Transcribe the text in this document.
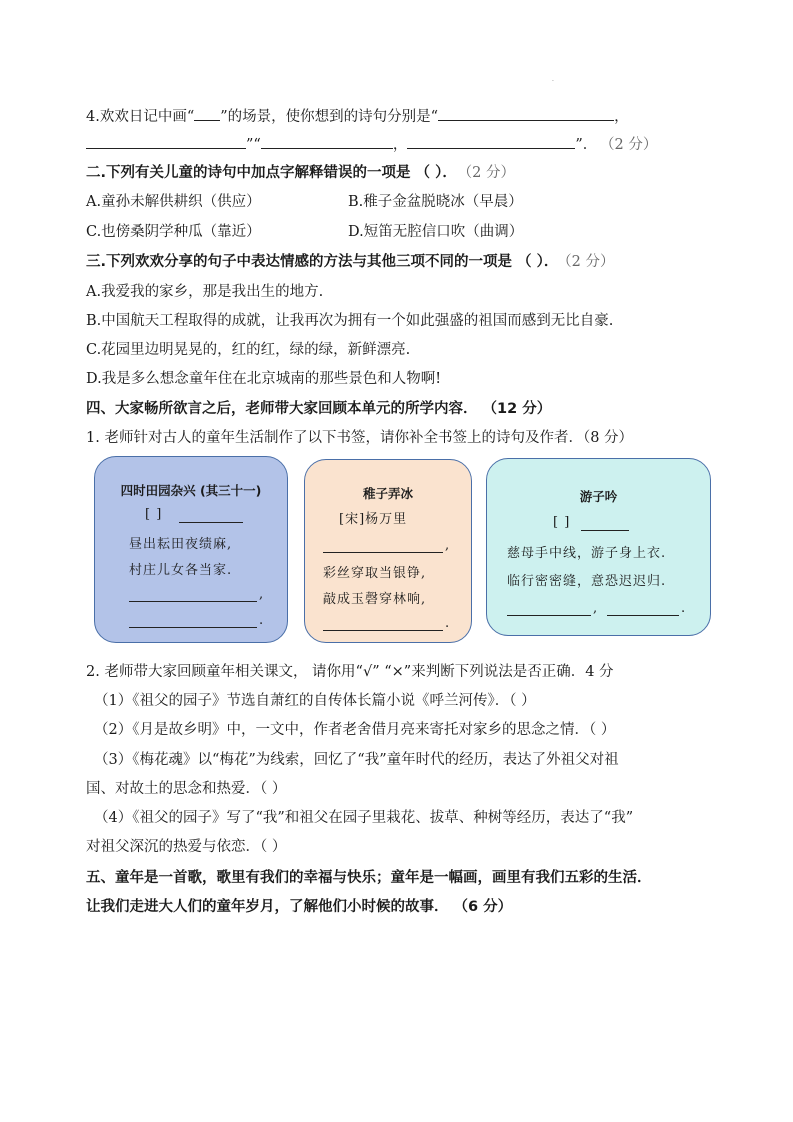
·
4.欢欢日记中画“ ”的场景，使你想到的诗句分别是“	，
”“	，	”． （2 分）
二.下列有关儿童的诗句中加点字解释错误的一项是 （ ）． （2 分）
A.童孙未解供耕织（供应）	B.稚子金盆脱晓冰（早晨）
C.也傍桑阴学种瓜（靠近）	D.短笛无腔信口吹（曲调）
三.下列欢欢分享的句子中表达情感的方法与其他三项不同的一项是 （ ）． （2 分）
A.我爱我的家乡，那是我出生的地方.
B.中国航天工程取得的成就，让我再次为拥有一个如此强盛的祖国而感到无比自豪.
C.花园里边明晃晃的，红的红，绿的绿，新鲜漂亮.
D.我是多么想念童年住在北京城南的那些景色和人物啊!
四、大家畅所欲言之后，老师带大家回顾本单元的所学内容． （12 分）
1. 老师针对古人的童年生活制作了以下书签，请你补全书签上的诗句及作者．（8 分）
四时田园杂兴 (其三十一)
[ ]
昼出耘田夜绩麻,
村庄儿女各当家.
,
.
稚子弄冰
[宋]杨万里
,
彩丝穿取当银铮,
敲成玉磬穿林响,
.
游子吟
[ ]
慈母手中线，游子身上衣.
临行密密缝，意恐迟迟归.
,	.
2. 老师带大家回顾童年相关课文， 请你用“√” “×”来判断下列说法是否正确．4 分
（1）《祖父的园子》节选自萧红的自传体长篇小说《呼兰河传》．（ ）
（2）《月是故乡明》中，一文中，作者老舍借月亮来寄托对家乡的思念之情．（ ）
（3）《梅花魂》以“梅花”为线索，回忆了“我”童年时代的经历，表达了外祖父对祖
国、对故土的思念和热爱．（ ）
（4）《祖父的园子》写了“我”和祖父在园子里栽花、拔草、种树等经历，表达了“我”
对祖父深沉的热爱与依恋．（ ）
五、童年是一首歌，歌里有我们的幸福与快乐；童年是一幅画，画里有我们五彩的生活．
让我们走进大人们的童年岁月，了解他们小时候的故事． （6 分）
